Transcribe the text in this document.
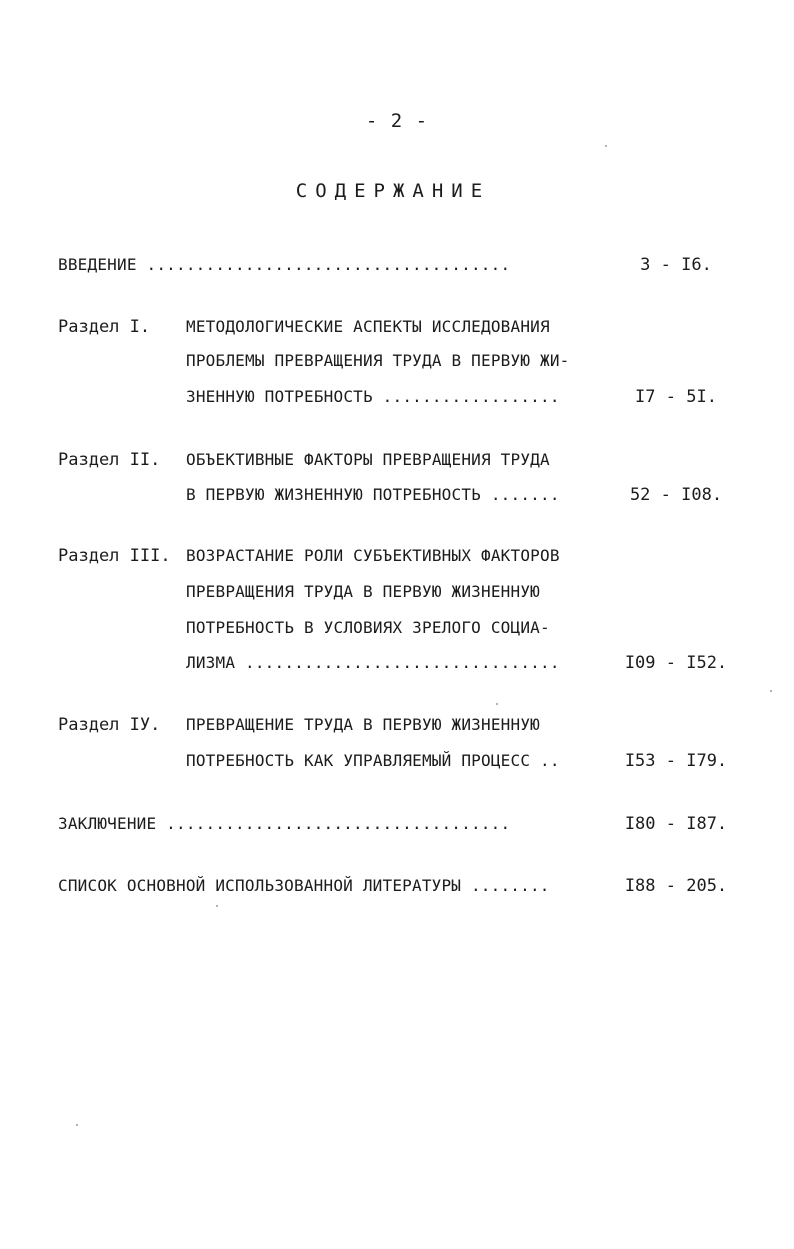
- 2 -
СОДЕРЖАНИЕ
ВВЕДЕНИЕ .....................................	3 - I6.
Раздел I.	МЕТОДОЛОГИЧЕСКИЕ АСПЕКТЫ ИССЛЕДОВАНИЯ
ПРОБЛЕМЫ ПРЕВРАЩЕНИЯ ТРУДА В ПЕРВУЮ ЖИ-
ЗНЕННУЮ ПОТРЕБНОСТЬ ..................	I7 - 5I.
Раздел II.	ОБЪЕКТИВНЫЕ ФАКТОРЫ ПРЕВРАЩЕНИЯ ТРУДА
В ПЕРВУЮ ЖИЗНЕННУЮ ПОТРЕБНОСТЬ .......	52 - I08.
Раздел III. ВОЗРАСТАНИЕ РОЛИ СУБЪЕКТИВНЫХ ФАКТОРОВ
ПРЕВРАЩЕНИЯ ТРУДА В ПЕРВУЮ ЖИЗНЕННУЮ
ПОТРЕБНОСТЬ В УСЛОВИЯХ ЗРЕЛОГО СОЦИА-
ЛИЗМА ................................	I09 - I52.
Раздел IУ.	ПРЕВРАЩЕНИЕ ТРУДА В ПЕРВУЮ ЖИЗНЕННУЮ
ПОТРЕБНОСТЬ КАК УПРАВЛЯЕМЫЙ ПРОЦЕСС ..	I53 - I79.
ЗАКЛЮЧЕНИЕ ...................................	I80 - I87.
СПИСОК ОСНОВНОЙ ИСПОЛЬЗОВАННОЙ ЛИТЕРАТУРЫ ........	I88 - 205.
